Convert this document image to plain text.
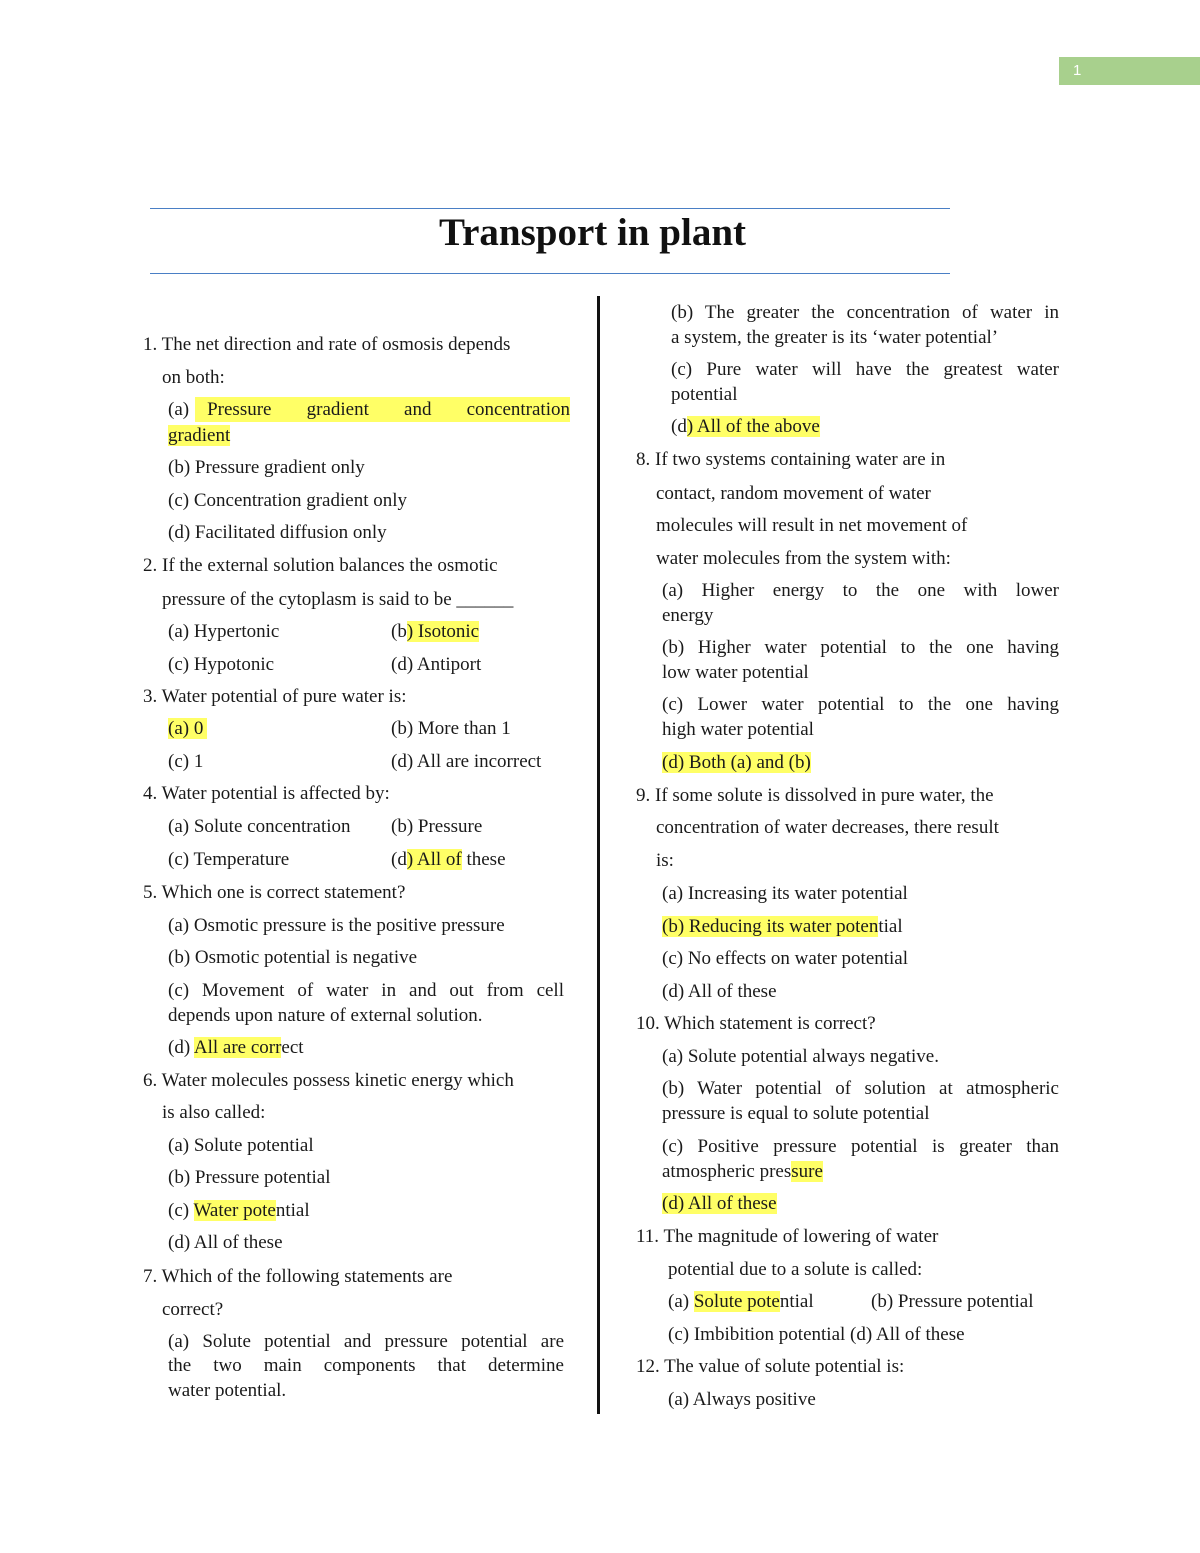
1
Transport in plant
1. The net direction and rate of osmosis depends
on both:
(a) Pressure gradient and concentration
gradient
(b) Pressure gradient only
(c) Concentration gradient only
(d) Facilitated diffusion only
2. If the external solution balances the osmotic
pressure of the cytoplasm is said to be ______
(a) Hypertonic	(b) Isotonic
(c) Hypotonic	(d) Antiport
3. Water potential of pure water is:
(a) 0	(b) More than 1
(c) 1	(d) All are incorrect
4. Water potential is affected by:
(a) Solute concentration (b) Pressure
(c) Temperature	(d) All of these
5. Which one is correct statement?
(a) Osmotic pressure is the positive pressure
(b) Osmotic potential is negative
(c) Movement of water in and out from cell
depends upon nature of external solution.
(d) All are correct
6. Water molecules possess kinetic energy which
is also called:
(a) Solute potential
(b) Pressure potential
(c) Water potential
(d) All of these
7. Which of the following statements are
correct?
(a) Solute potential and pressure potential are
the two main components that determine
water potential.
(b) The greater the concentration of water in
a system, the greater is its ‘water potential’
(c) Pure water will have the greatest water
potential
(d) All of the above
8. If two systems containing water are in
contact, random movement of water
molecules will result in net movement of
water molecules from the system with:
(a) Higher energy to the one with lower
energy
(b) Higher water potential to the one having
low water potential
(c) Lower water potential to the one having
high water potential
(d) Both (a) and (b)
9. If some solute is dissolved in pure water, the
concentration of water decreases, there result
is:
(a) Increasing its water potential
(b) Reducing its water potential
(c) No effects on water potential
(d) All of these
10. Which statement is correct?
(a) Solute potential always negative.
(b) Water potential of solution at atmospheric
pressure is equal to solute potential
(c) Positive pressure potential is greater than
atmospheric pressure
(d) All of these
11. The magnitude of lowering of water
potential due to a solute is called:
(a) Solute potential	(b) Pressure potential
(c) Imbibition potential (d) All of these
12. The value of solute potential is:
(a) Always positive
